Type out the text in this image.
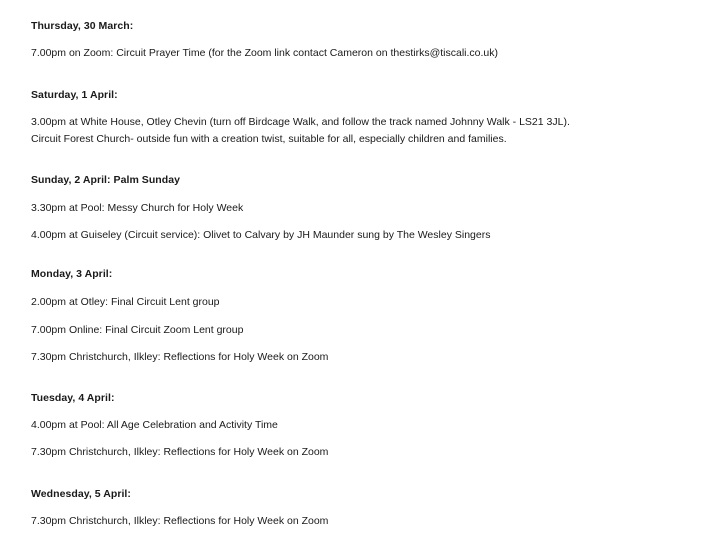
Thursday, 30 March:
7.00pm on Zoom: Circuit Prayer Time (for the Zoom link contact Cameron on thestirks@tiscali.co.uk)
Saturday, 1 April:
3.00pm at White House, Otley Chevin (turn off Birdcage Walk, and follow the track named Johnny Walk - LS21 3JL).
Circuit Forest Church- outside fun with a creation twist, suitable for all, especially children and families.
Sunday, 2 April: Palm Sunday
3.30pm at Pool: Messy Church for Holy Week
4.00pm at Guiseley (Circuit service): Olivet to Calvary by JH Maunder sung by The Wesley Singers
Monday, 3 April:
2.00pm at Otley: Final Circuit Lent group
7.00pm Online: Final Circuit Zoom Lent group
7.30pm Christchurch, Ilkley: Reflections for Holy Week on Zoom
Tuesday, 4 April:
4.00pm at Pool: All Age Celebration and Activity Time
7.30pm Christchurch, Ilkley: Reflections for Holy Week on Zoom
Wednesday, 5 April:
7.30pm Christchurch, Ilkley: Reflections for Holy Week on Zoom
